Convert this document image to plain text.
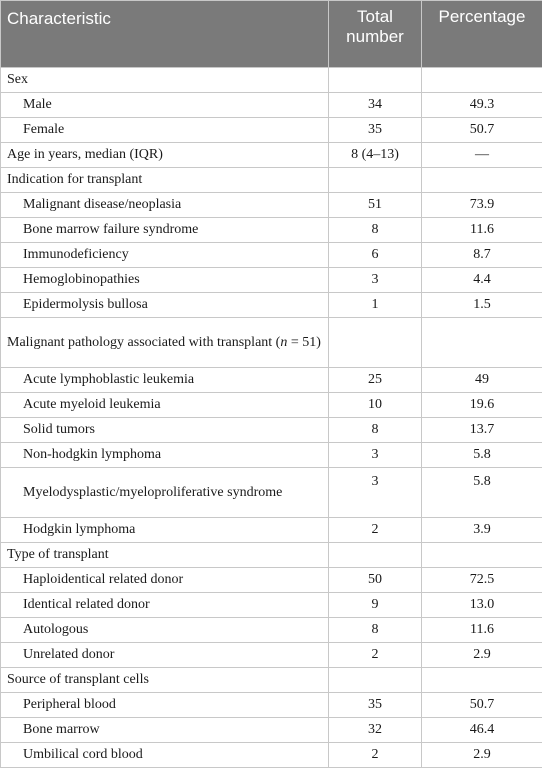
Characteristic	Total number	Percentage
Sex		
Male	34	49.3
Female	35	50.7
Age in years, median (IQR)	8 (4–13)	—
Indication for transplant		
Malignant disease/neoplasia	51	73.9
Bone marrow failure syndrome	8	11.6
Immunodeficiency	6	8.7
Hemoglobinopathies	3	4.4
Epidermolysis bullosa	1	1.5
Malignant pathology associated with transplant (n = 51)		
Acute lymphoblastic leukemia	25	49
Acute myeloid leukemia	10	19.6
Solid tumors	8	13.7
Non-hodgkin lymphoma	3	5.8
Myelodysplastic/myeloproliferative syndrome	3	5.8
Hodgkin lymphoma	2	3.9
Type of transplant		
Haploidentical related donor	50	72.5
Identical related donor	9	13.0
Autologous	8	11.6
Unrelated donor	2	2.9
Source of transplant cells		
Peripheral blood	35	50.7
Bone marrow	32	46.4
Umbilical cord blood	2	2.9
